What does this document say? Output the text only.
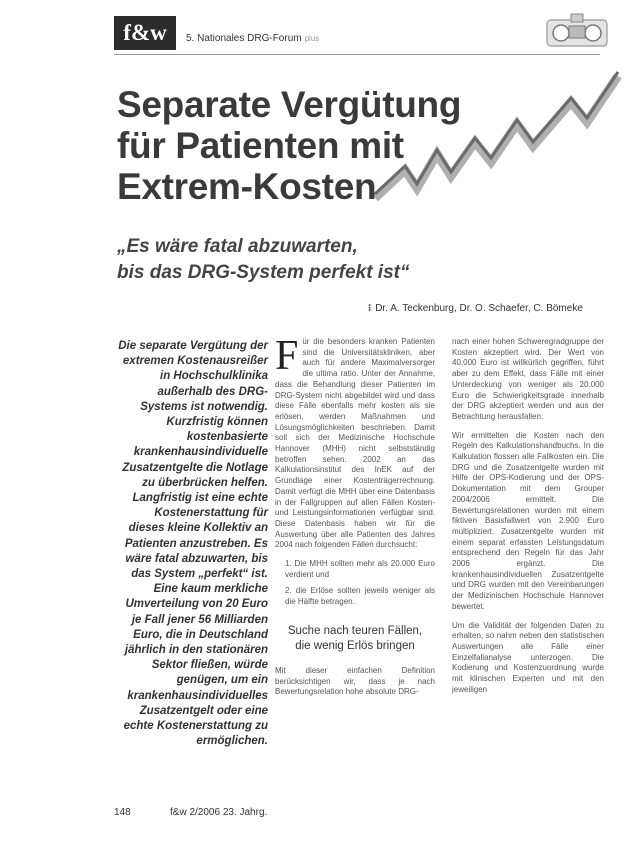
f&w	5. Nationales DRG-Forum plus
Separate Vergütung
für Patienten mit
Extrem-Kosten
„Es wäre fatal abzuwarten,
bis das DRG-System perfekt ist“
⁝ Dr. A. Teckenburg, Dr. O. Schaefer, C. Bömeke
Die separate Vergütung der extremen Kostenausreißer in Hochschulklinika außerhalb des DRG-Systems ist notwendig. Kurzfristig können kostenbasierte krankenhausindividuelle Zusatzentgelte die Notlage zu überbrücken helfen. Langfristig ist eine echte Kostenerstattung für dieses kleine Kollektiv an Patienten anzustreben. Es wäre fatal abzuwarten, bis das System „perfekt“ ist. Eine kaum merkliche Umverteilung von 20 Euro je Fall jener 56 Milliarden Euro, die in Deutschland jährlich in den stationären Sektor fließen, würde genügen, um ein krankenhausindividuelles Zusatzentgelt oder eine echte Kostenerstattung zu ermöglichen.

Für die besonders kranken Patienten sind die Universitätskliniken, aber auch für andere Maximalversorger die ultima ratio. Unter der Annahme, dass die Behandlung dieser Patienten im DRG-System nicht abgebildet wird und dass diese Fälle ebenfalls mehr kosten als sie erlösen, werden Maßnahmen und Lösungsmöglichkeiten beschrieben. Damit soll sich der Medizinische Hochschule Hannover (MHH) nicht selbstständig betroffen sehen. 2002 an das Kalkulationsinstitut des InEK auf der Grundlage einer Kostenträgerrechnung. Damit verfügt die MHH über eine Datenbasis in der Fallgruppen auf allen Fällen Kosten- und Leistungsinformationen verfügbar sind. Diese Datenbasis haben wir für die Auswertung über alle Patienten des Jahres 2004 nach folgenden Fällen durchsucht:

1. Die MHH sollten mehr als 20.000 Euro verdient und
2. die Erlöse sollten jeweils weniger als die Hälfte betragen.
Suche nach teuren Fällen,
die wenig Erlös bringen

Mit dieser einfachen Definition berücksichtigen wir, dass je nach Bewertungsrelation hohe absolute DRG-

nach einer hohen Schweregradgruppe der Kosten akzeptiert wird. Der Wert von 40.000 Euro ist willkürlich gegriffen, führt aber zu dem Effekt, dass Fälle mit einer Unterdeckung von weniger als 20.000 Euro die Schwierigkeitsgrade innerhalb der DRG akzeptiert werden und aus der Betrachtung herausfallen.

Wir ermittelten die Kosten nach den Regeln des Kalkulationshandbuchs. In die Kalkulation flossen alle Fallkosten ein. Die DRG und die Zusatzentgelte wurden mit Hilfe der OPS-Kodierung und der OPS-Dokumentation mit dem Grouper 2004/2006 ermittelt. Die Bewertungsrelationen wurden mit einem fiktiven Basisfallwert von 2.900 Euro multipliziert. Zusatzentgelte wurden mit einem separat erfassten Leistungsdatum entsprechend den Regeln für das Jahr 2006 ergänzt. Die krankenhausindividuellen Zusatzentgelte und DRG wurden mit den Vereinbarungen der Medizinischen Hochschule Hannover bewertet.

Um die Validität der folgenden Daten zu erhalten, so nahm neben den statistischen Auswertungen alle Fälle einer Einzelfallanalyse unterzogen. Die Kodierung und Kostenzuordnung wurde mit klinischen Experten und mit den jeweiligen

148	f&w 2/2006 23. Jahrg.
